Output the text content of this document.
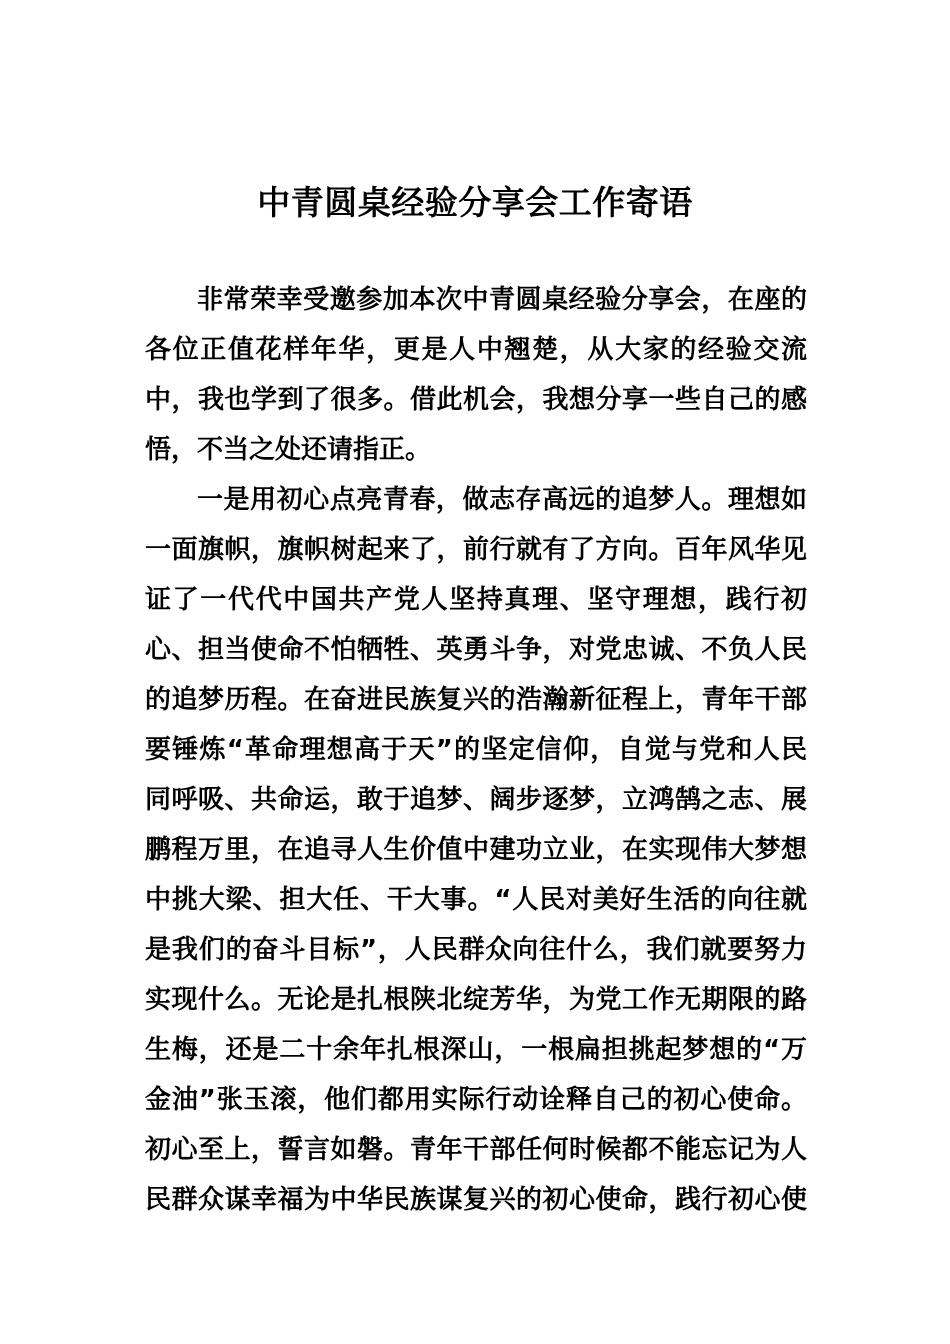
中青圆桌经验分享会工作寄语
非常荣幸受邀参加本次中青圆桌经验分享会，在座的
各位正值花样年华，更是人中翘楚，从大家的经验交流
中，我也学到了很多。借此机会，我想分享一些自己的感
悟，不当之处还请指正。
一是用初心点亮青春，做志存高远的追梦人。理想如
一面旗帜，旗帜树起来了，前行就有了方向。百年风华见
证了一代代中国共产党人坚持真理、坚守理想，践行初
心、担当使命不怕牺牲、英勇斗争，对党忠诚、不负人民
的追梦历程。在奋进民族复兴的浩瀚新征程上，青年干部
要锤炼“革命理想高于天”的坚定信仰，自觉与党和人民
同呼吸、共命运，敢于追梦、阔步逐梦，立鸿鹄之志、展
鹏程万里，在追寻人生价值中建功立业，在实现伟大梦想
中挑大梁、担大任、干大事。“人民对美好生活的向往就
是我们的奋斗目标”，人民群众向往什么，我们就要努力
实现什么。无论是扎根陕北绽芳华，为党工作无期限的路
生梅，还是二十余年扎根深山，一根扁担挑起梦想的“万
金油”张玉滚，他们都用实际行动诠释自己的初心使命。
初心至上，誓言如磐。青年干部任何时候都不能忘记为人
民群众谋幸福为中华民族谋复兴的初心使命，践行初心使
